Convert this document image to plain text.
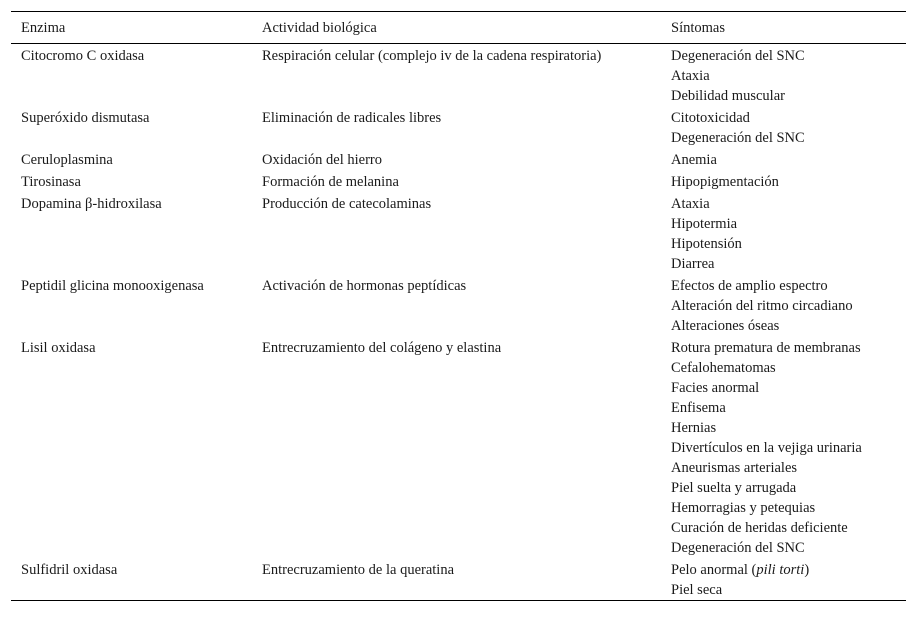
Enzima	Actividad biológica	Síntomas
Citocromo C oxidasa	Respiración celular (complejo iv de la cadena respiratoria)	Degeneración del SNC
Ataxia
Debilidad muscular
Superóxido dismutasa	Eliminación de radicales libres	Citotoxicidad
Degeneración del SNC
Ceruloplasmina	Oxidación del hierro	Anemia
Tirosinasa	Formación de melanina	Hipopigmentación
Dopamina β-hidroxilasa	Producción de catecolaminas	Ataxia
Hipotermia
Hipotensión
Diarrea
Peptidil glicina monooxigenasa	Activación de hormonas peptídicas	Efectos de amplio espectro
Alteración del ritmo circadiano
Alteraciones óseas
Lisil oxidasa	Entrecruzamiento del colágeno y elastina	Rotura prematura de membranas
Cefalohematomas
Facies anormal
Enfisema
Hernias
Divertículos en la vejiga urinaria
Aneurismas arteriales
Piel suelta y arrugada
Hemorragias y petequias
Curación de heridas deficiente
Degeneración del SNC
Sulfidril oxidasa	Entrecruzamiento de la queratina	Pelo anormal (pili torti)
Piel seca
